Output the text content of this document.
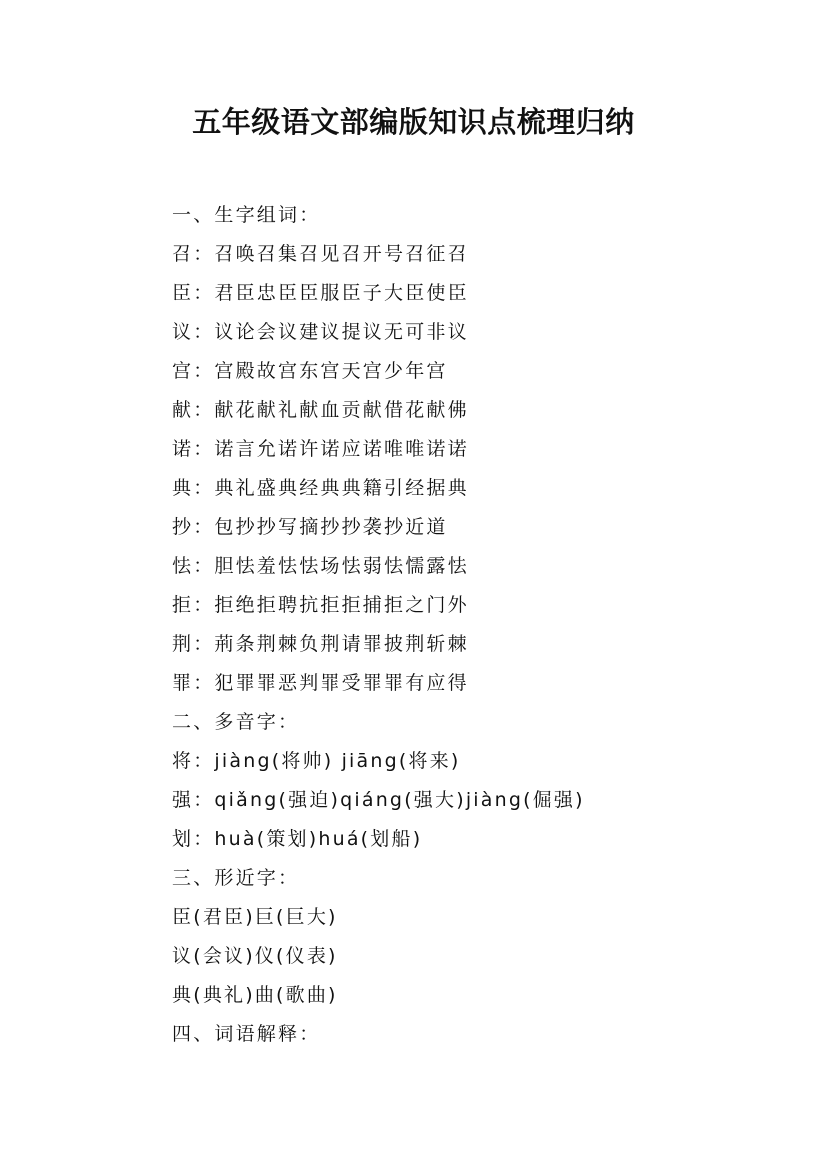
五年级语文部编版知识点梳理归纳
一、生字组词：
召：召唤召集召见召开号召征召
臣：君臣忠臣臣服臣子大臣使臣
议：议论会议建议提议无可非议
宫：宫殿故宫东宫天宫少年宫
献：献花献礼献血贡献借花献佛
诺：诺言允诺许诺应诺唯唯诺诺
典：典礼盛典经典典籍引经据典
抄：包抄抄写摘抄抄袭抄近道
怯：胆怯羞怯怯场怯弱怯懦露怯
拒：拒绝拒聘抗拒拒捕拒之门外
荆：荊条荆棘负荆请罪披荆斩棘
罪：犯罪罪恶判罪受罪罪有应得
二、多音字：
将：jiàng(将帅) jiāng(将来)
强：qiǎng(强迫)qiáng(强大)jiàng(倔强)
划：huà(策划)huá(划船)
三、形近字：
臣(君臣)巨(巨大)
议(会议)仪(仪表)
典(典礼)曲(歌曲)
四、词语解释：
